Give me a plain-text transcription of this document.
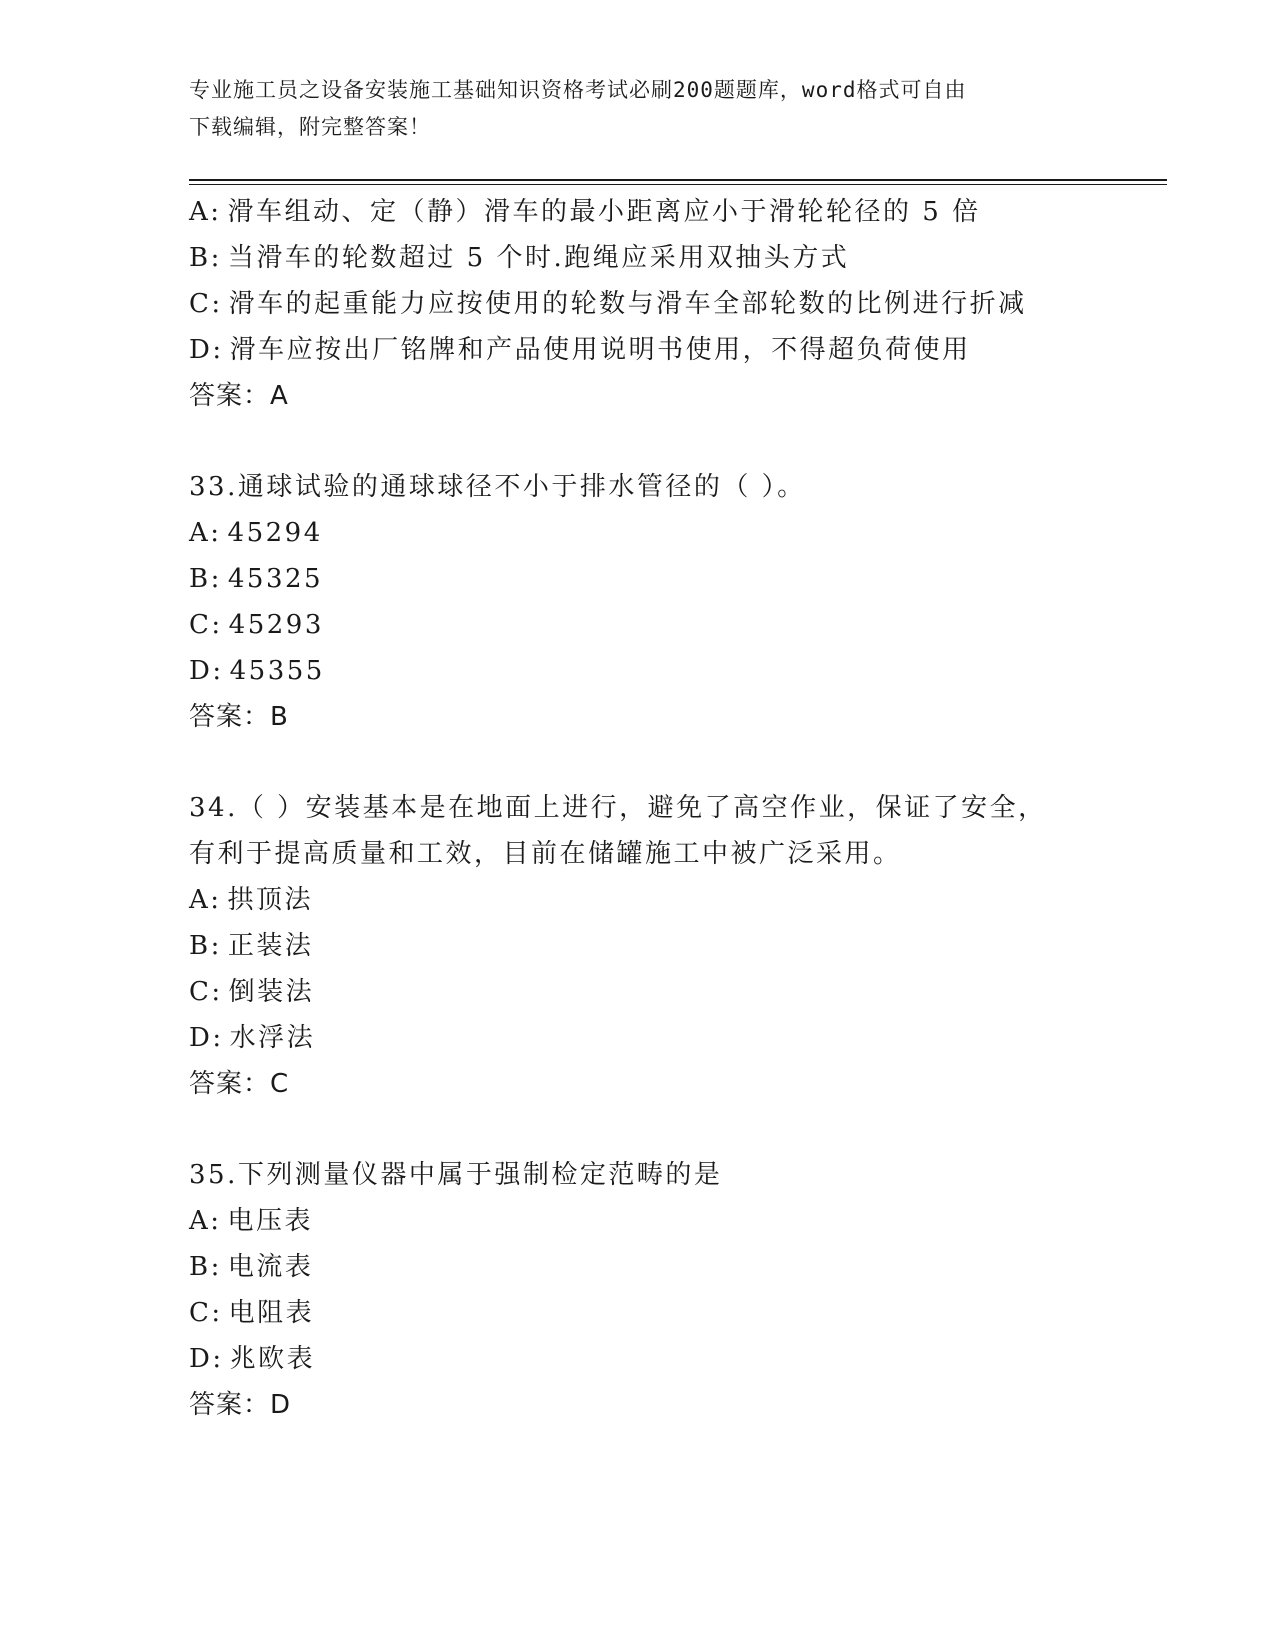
专业施工员之设备安装施工基础知识资格考试必刷200题题库，word格式可自由
下载编辑，附完整答案！
A: 滑车组动、定（静）滑车的最小距离应小于滑轮轮径的 5 倍
B: 当滑车的轮数超过 5 个时.跑绳应采用双抽头方式
C: 滑车的起重能力应按使用的轮数与滑车全部轮数的比例进行折减
D: 滑车应按出厂铭牌和产品使用说明书使用，不得超负荷使用
答案：A
33.通球试验的通球球径不小于排水管径的（ ）。
A: 45294
B: 45325
C: 45293
D: 45355
答案：B
34.（ ）安装基本是在地面上进行，避免了高空作业，保证了安全，
有利于提高质量和工效，目前在储罐施工中被广泛采用。
A: 拱顶法
B: 正装法
C: 倒装法
D: 水浮法
答案：C
35.下列测量仪器中属于强制检定范畴的是
A: 电压表
B: 电流表
C: 电阻表
D: 兆欧表
答案：D
